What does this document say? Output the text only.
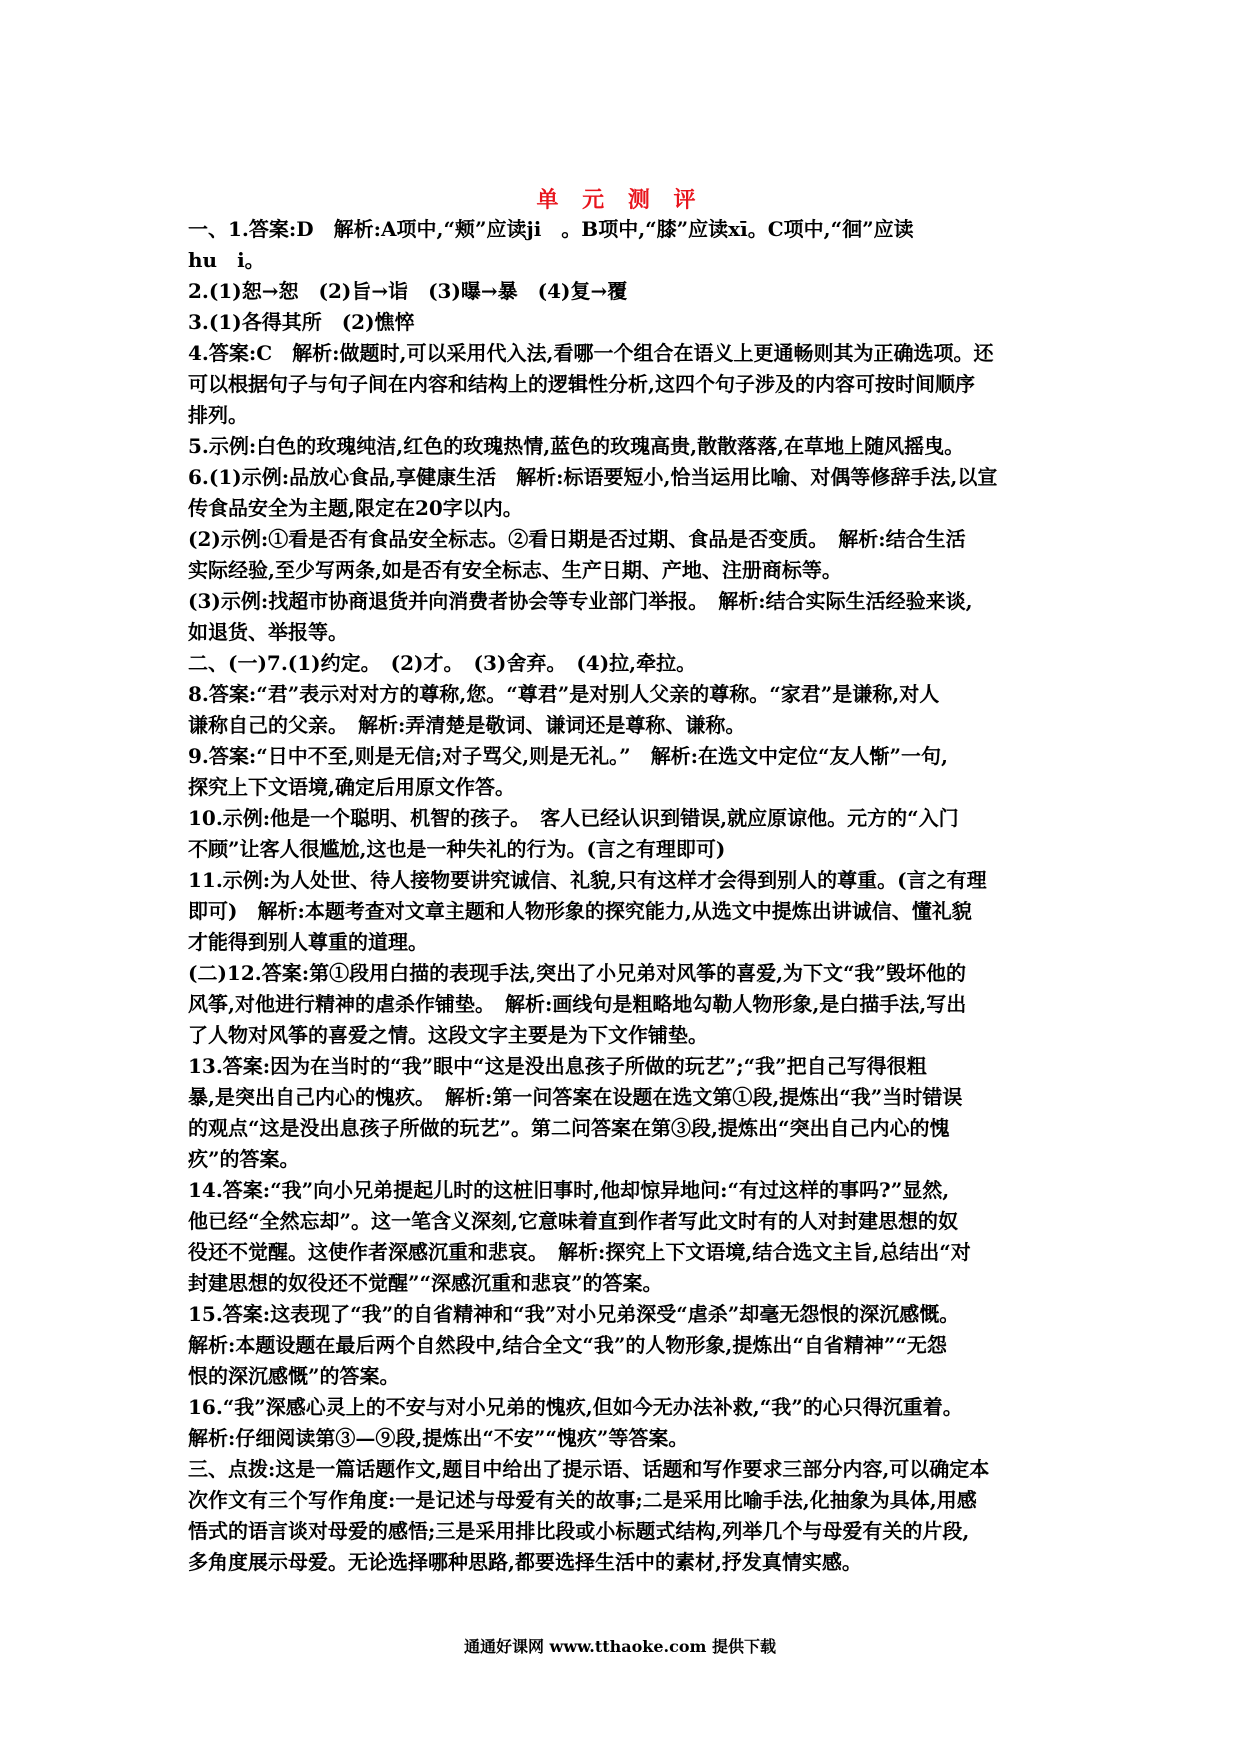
单 元 测 评

一、1.答案:D　解析:A项中,“颊”应读ji　。B项中,“膝”应读xī。C项中,“徊”应读

hu　i。

2.(1)恕→恕　(2)旨→诣　(3)曝→暴　(4)复→覆

3.(1)各得其所　(2)憔悴

4.答案:C　解析:做题时,可以采用代入法,看哪一个组合在语义上更通畅则其为正确选项。还

可以根据句子与句子间在内容和结构上的逻辑性分析,这四个句子涉及的内容可按时间顺序

排列。

5.示例:白色的玫瑰纯洁,红色的玫瑰热情,蓝色的玫瑰高贵,散散落落,在草地上随风摇曳。

6.(1)示例:品放心食品,享健康生活　解析:标语要短小,恰当运用比喻、对偶等修辞手法,以宣

传食品安全为主题,限定在20字以内。

(2)示例:①看是否有食品安全标志。②看日期是否过期、食品是否变质。　解析:结合生活

实际经验,至少写两条,如是否有安全标志、生产日期、产地、注册商标等。

(3)示例:找超市协商退货并向消费者协会等专业部门举报。　解析:结合实际生活经验来谈,

如退货、举报等。

二、(一)7.(1)约定。　(2)才。　(3)舍弃。　(4)拉,牵拉。

8.答案:“君”表示对对方的尊称,您。“尊君”是对别人父亲的尊称。“家君”是谦称,对人

谦称自己的父亲。　解析:弄清楚是敬词、谦词还是尊称、谦称。

9.答案:“日中不至,则是无信;对子骂父,则是无礼。”　解析:在选文中定位“友人惭”一句,

探究上下文语境,确定后用原文作答。

10.示例:他是一个聪明、机智的孩子。　客人已经认识到错误,就应原谅他。元方的“入门

不顾”让客人很尴尬,这也是一种失礼的行为。(言之有理即可)

11.示例:为人处世、待人接物要讲究诚信、礼貌,只有这样才会得到别人的尊重。(言之有理

即可)　解析:本题考查对文章主题和人物形象的探究能力,从选文中提炼出讲诚信、懂礼貌

才能得到别人尊重的道理。

(二)12.答案:第①段用白描的表现手法,突出了小兄弟对风筝的喜爱,为下文“我”毁坏他的

风筝,对他进行精神的虐杀作铺垫。　解析:画线句是粗略地勾勒人物形象,是白描手法,写出

了人物对风筝的喜爱之情。这段文字主要是为下文作铺垫。

13.答案:因为在当时的“我”眼中“这是没出息孩子所做的玩艺”;“我”把自己写得很粗

暴,是突出自己内心的愧疚。　解析:第一问答案在设题在选文第①段,提炼出“我”当时错误

的观点“这是没出息孩子所做的玩艺”。第二问答案在第③段,提炼出“突出自己内心的愧

疚”的答案。

14.答案:“我”向小兄弟提起儿时的这桩旧事时,他却惊异地问:“有过这样的事吗?”显然,

他已经“全然忘却”。这一笔含义深刻,它意味着直到作者写此文时有的人对封建思想的奴

役还不觉醒。这使作者深感沉重和悲哀。　解析:探究上下文语境,结合选文主旨,总结出“对

封建思想的奴役还不觉醒”“深感沉重和悲哀”的答案。

15.答案:这表现了“我”的自省精神和“我”对小兄弟深受“虐杀”却毫无怨恨的深沉感慨。

解析:本题设题在最后两个自然段中,结合全文“我”的人物形象,提炼出“自省精神”“无怨

恨的深沉感慨”的答案。

16.“我”深感心灵上的不安与对小兄弟的愧疚,但如今无办法补救,“我”的心只得沉重着。

解析:仔细阅读第③—⑨段,提炼出“不安”“愧疚”等答案。

三、点拨:这是一篇话题作文,题目中给出了提示语、话题和写作要求三部分内容,可以确定本

次作文有三个写作角度:一是记述与母爱有关的故事;二是采用比喻手法,化抽象为具体,用感

悟式的语言谈对母爱的感悟;三是采用排比段或小标题式结构,列举几个与母爱有关的片段,

多角度展示母爱。无论选择哪种思路,都要选择生活中的素材,抒发真情实感。

通通好课网 www.tthaoke.com 提供下载
